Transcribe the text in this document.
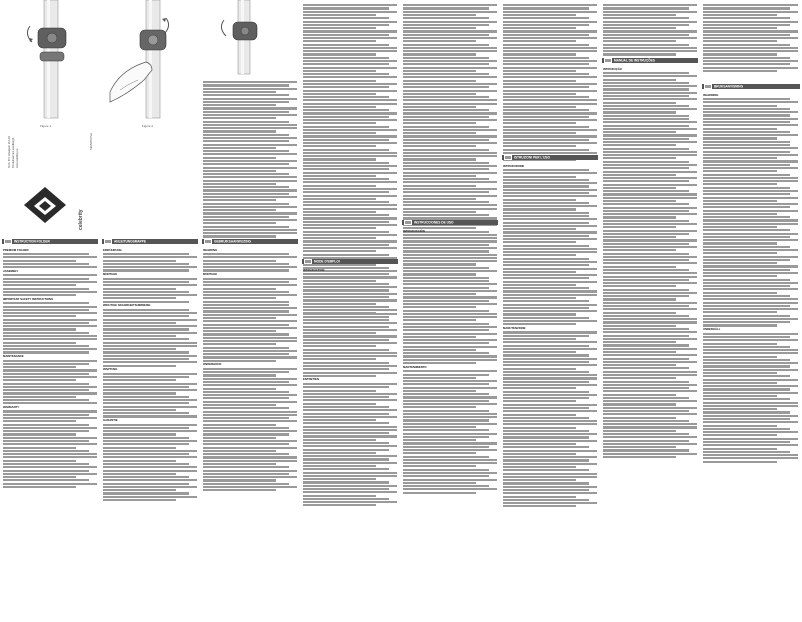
Figure 1
celebrity
Tech. B.V. Kraaijvelt 10-L04 Produktservice Lundbergh www.celebrity.eu
SRMUT0.PNG
INSTRUCTION FOLDER
PREMIUM FOLDER
ASSEMBLY
IMPORTANT SAFETY INSTRUCTIONS
MAINTENANCE
WARRANTY
Figure 2
ANLEITUNGSMAPPE
EINFÜHRUNG
MONTAGE
WICHTIGE SICHERHEITSHINWEISE
WARTUNG
GARANTIE
GEBRUIKSAANWIJZING
INLEIDING
MONTAGE
ONDERHOUD
MODE D'EMPLOI
INTRODUCTION
ENTRETIEN
INSTRUCCIONES DE USO
INTRODUCCIÓN
MANTENIMIENTO
ISTRUZIONI PER L'USO
INTRODUZIONE
MANUTENZIONE
MANUAL DE INSTRUÇÕES
INTRODUÇÃO
BRUKSANVISNING
INLEDNING
UNDERHÅLL
